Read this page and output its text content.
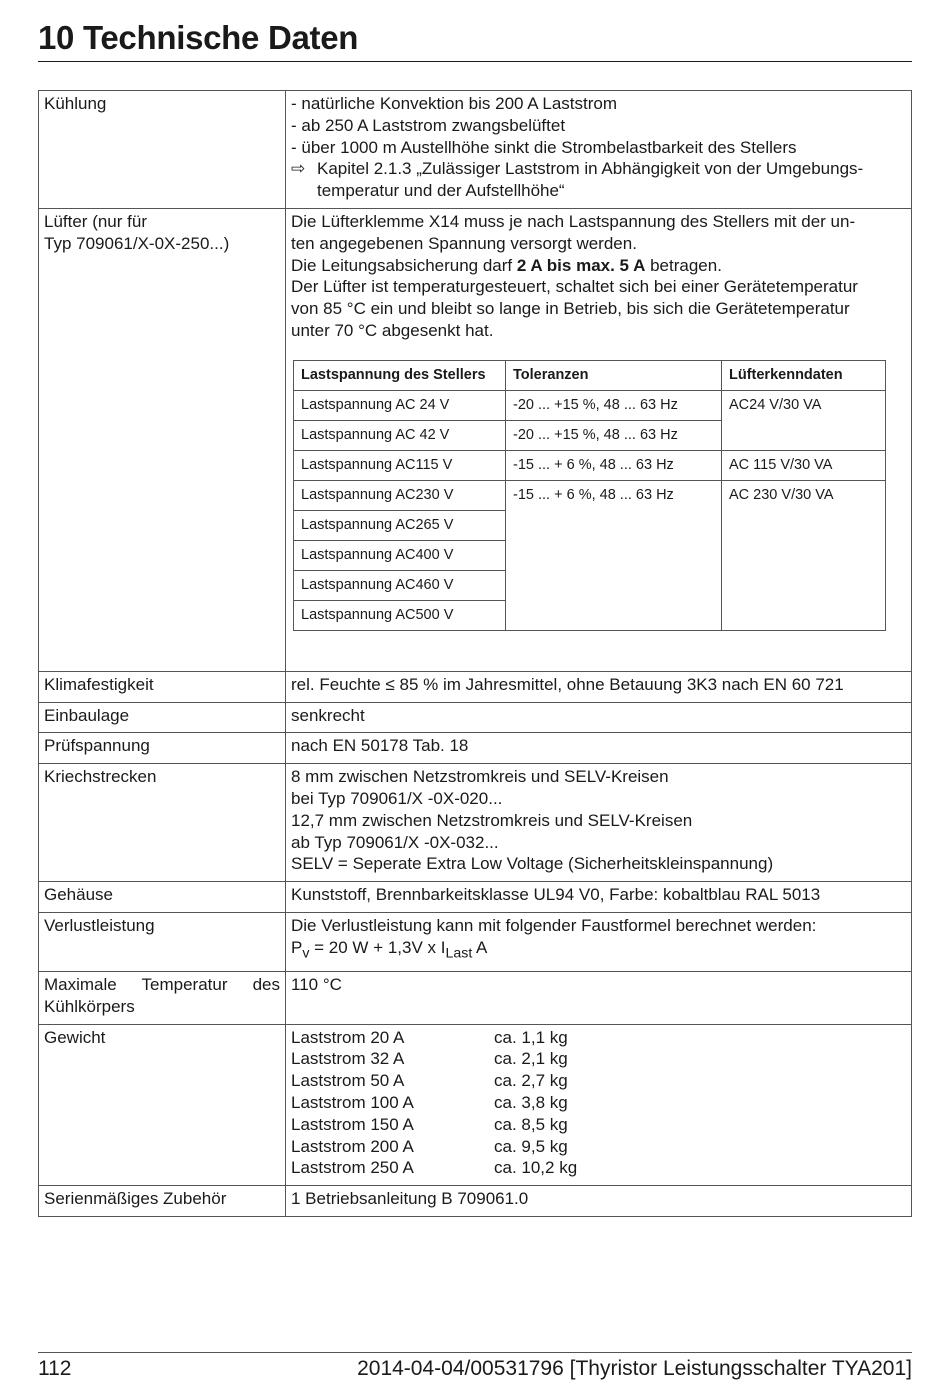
10 Technische Daten
Kühlung	- natürliche Konvektion bis 200 A Laststrom
- ab 250 A Laststrom zwangsbelüftet
- über 1000 m Austellhöhe sinkt die Strombelastbarkeit des Stellers
⇨ Kapitel 2.1.3 „Zulässiger Laststrom in Abhängigkeit von der Umgebungs-
temperatur und der Aufstellhöhe“

Lüfter (nur für
Typ 709061/X-0X-250...)

Die Lüfterklemme X14 muss je nach Lastspannung des Stellers mit der un-
ten angegebenen Spannung versorgt werden.
Die Leitungsabsicherung darf 2 A bis max. 5 A betragen.
Der Lüfter ist temperaturgesteuert, schaltet sich bei einer Gerätetemperatur
von 85 °C ein und bleibt so lange in Betrieb, bis sich die Gerätetemperatur
unter 70 °C abgesenkt hat.
Lastspannung des Stellers	Toleranzen	Lüfterkenndaten
Lastspannung AC 24 V	-20 ... +15 %, 48 ... 63 Hz	AC24 V/30 VA
Lastspannung AC 42 V	-20 ... +15 %, 48 ... 63 Hz
Lastspannung AC115 V	-15 ... + 6 %, 48 ... 63 Hz	AC 115 V/30 VA
Lastspannung AC230 V	-15 ... + 6 %, 48 ... 63 Hz	AC 230 V/30 VA
Lastspannung AC265 V
Lastspannung AC400 V
Lastspannung AC460 V
Lastspannung AC500 V

Klimafestigkeit	rel. Feuchte ≤ 85 % im Jahresmittel, ohne Betauung 3K3 nach EN 60 721
Einbaulage	senkrecht
Prüfspannung	nach EN 50178 Tab. 18
Kriechstrecken	8 mm zwischen Netzstromkreis und SELV-Kreisen
bei Typ 709061/X -0X-020...
12,7 mm zwischen Netzstromkreis und SELV-Kreisen
ab Typ 709061/X -0X-032...
SELV = Seperate Extra Low Voltage (Sicherheitskleinspannung)

Gehäuse	Kunststoff, Brennbarkeitsklasse UL94 V0, Farbe: kobaltblau RAL 5013
Verlustleistung	Die Verlustleistung kann mit folgender Faustformel berechnet werden:
$P_v = 20$ W + 1,3V x $I_{Last}$ A

Maximale Temperatur des
Kühlkörpers
	110 °C
Gewicht	Laststrom 20 A	ca. 1,1 kg
Laststrom 32 A	ca. 2,1 kg
Laststrom 50 A	ca. 2,7 kg
Laststrom 100 A	ca. 3,8 kg
Laststrom 150 A	ca. 8,5 kg
Laststrom 200 A	ca. 9,5 kg
Laststrom 250 A	ca. 10,2 kg

Serienmäßiges Zubehör	1 Betriebsanleitung B 709061.0
112	2014-04-04/00531796 [Thyristor Leistungsschalter TYA201]
